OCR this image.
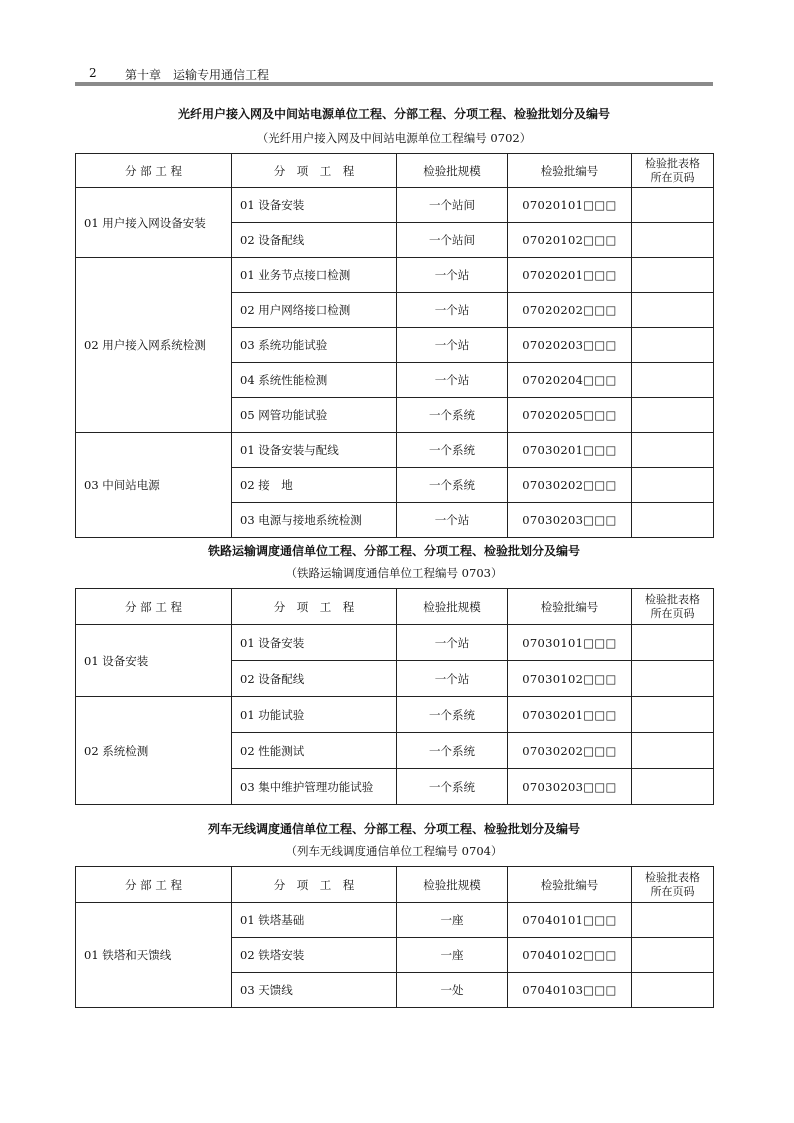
2 第十章　运输专用通信工程
光纤用户接入网及中间站电源单位工程、分部工程、分项工程、检验批划分及编号
（光纤用户接入网及中间站电源单位工程编号 0702）
分 部 工 程	分　项　工　程	检验批规模	检验批编号	检验批表格
所在页码
01 用户接入网设备安装	01 设备安装	一个站间	07020101□□□	
	02 设备配线	一个站间	07020102□□□	
02 用户接入网系统检测	01 业务节点接口检测	一个站	07020201□□□	
	02 用户网络接口检测	一个站	07020202□□□	
	03 系统功能试验	一个站	07020203□□□	
	04 系统性能检测	一个站	07020204□□□	
	05 网管功能试验	一个系统	07020205□□□	
03 中间站电源	01 设备安装与配线	一个系统	07030201□□□	
	02 接　地	一个系统	07030202□□□	
	03 电源与接地系统检测	一个站	07030203□□□	
铁路运输调度通信单位工程、分部工程、分项工程、检验批划分及编号
（铁路运输调度通信单位工程编号 0703）
分 部 工 程	分　项　工　程	检验批规模	检验批编号	检验批表格
所在页码
01 设备安装	01 设备安装	一个站	07030101□□□	
	02 设备配线	一个站	07030102□□□	
02 系统检测	01 功能试验	一个系统	07030201□□□	
	02 性能测试	一个系统	07030202□□□	
	03 集中维护管理功能试验	一个系统	07030203□□□	
列车无线调度通信单位工程、分部工程、分项工程、检验批划分及编号
（列车无线调度通信单位工程编号 0704）
分 部 工 程	分　项　工　程	检验批规模	检验批编号	检验批表格
所在页码
01 铁塔和天馈线	01 铁塔基础	一座	07040101□□□	
	02 铁塔安装	一座	07040102□□□	
	03 天馈线	一处	07040103□□□	
